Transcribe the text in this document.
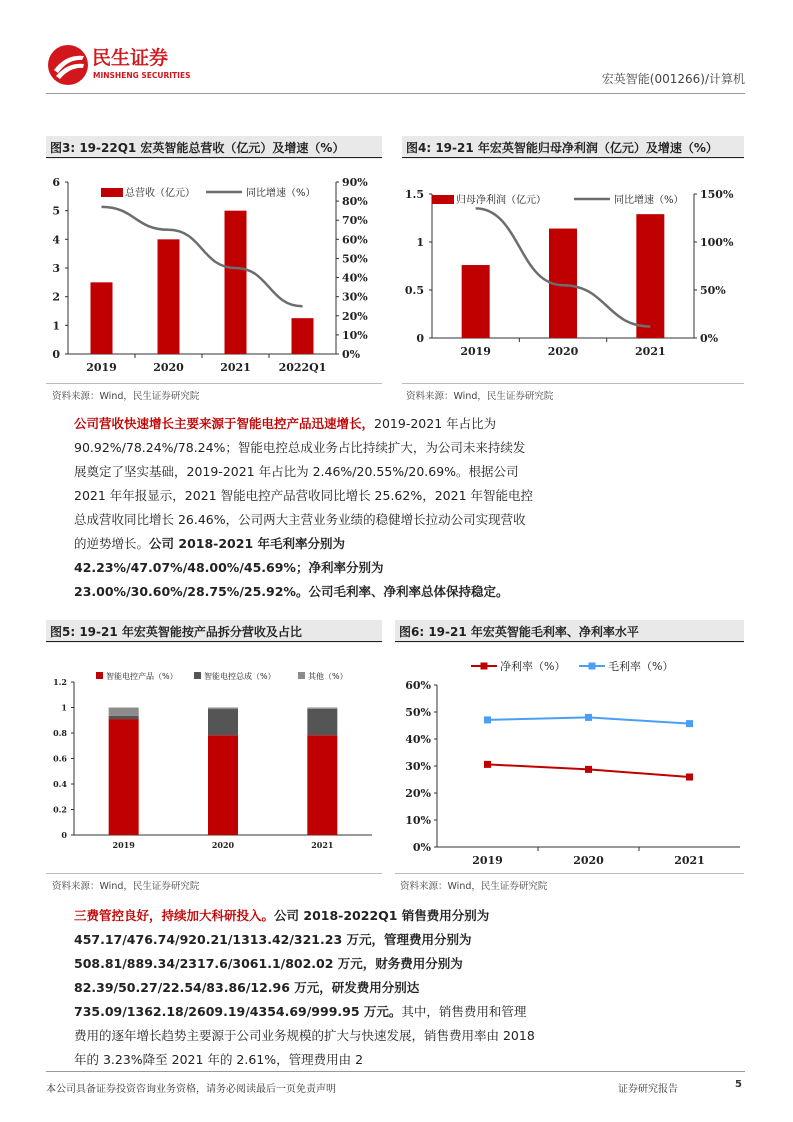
民生证券
MINSHENG SECURITIES	宏英智能(001266)/计算机
图3: 19-22Q1 宏英智能总营收（亿元）及增速（%）
0
1
2
3
4
5
6
0%
10%
20%
30%
40%
50%
60%
70%
80%
90%
2019	2020	2021	2022Q1
总营收（亿元）	同比增速（%）
资料来源：Wind，民生证券研究院
图4: 19-21 年宏英智能归母净利润（亿元）及增速（%）
0
0.5
1
1.5
0%
50%
100%
150%
2019	2020	2021
归母净利润（亿元）	同比增速（%）
资料来源：Wind，民生证券研究院
公司营收快速增长主要来源于智能电控产品迅速增长，2019-2021 年占比为 90.92%/78.24%/78.24%；智能电控总成业务占比持续扩大，为公司未来持续发展奠定了坚实基础，2019-2021 年占比为 2.46%/20.55%/20.69%。根据公司 2021 年年报显示，2021 智能电控产品营收同比增长 25.62%，2021 年智能电控总成营收同比增长 26.46%，公司两大主营业务业绩的稳健增长拉动公司实现营收的逆势增长。公司 2018-2021 年毛利率分别为 42.23%/47.07%/48.00%/45.69%；净利率分别为 23.00%/30.60%/28.75%/25.92%。公司毛利率、净利率总体保持稳定。
图5: 19-21 年宏英智能按产品拆分营收及占比
0
0.2
0.4
0.6
0.8
1
1.2
2019	2020	2021
智能电控产品（%）	智能电控总成（%）	其他（%）
资料来源：Wind，民生证券研究院
图6: 19-21 年宏英智能毛利率、净利率水平
0%
10%
20%
30%
40%
50%
60%
2019	2020	2021
净利率（%）	毛利率（%）
资料来源：Wind，民生证券研究院
三费管控良好，持续加大科研投入。公司 2018-2022Q1 销售费用分别为 457.17/476.74/920.21/1313.42/321.23 万元，管理费用分别为 508.81/889.34/2317.6/3061.1/802.02 万元，财务费用分别为 82.39/50.27/22.54/83.86/12.96 万元，研发费用分别达 735.09/1362.18/2609.19/4354.69/999.95 万元。其中，销售费用和管理费用的逐年增长趋势主要源于公司业务规模的扩大与快速发展，销售费用率由 2018 年的 3.23%降至 2021 年的 2.61%，管理费用由 2
本公司具备证券投资咨询业务资格，请务必阅读最后一页免责声明	证券研究报告	5
